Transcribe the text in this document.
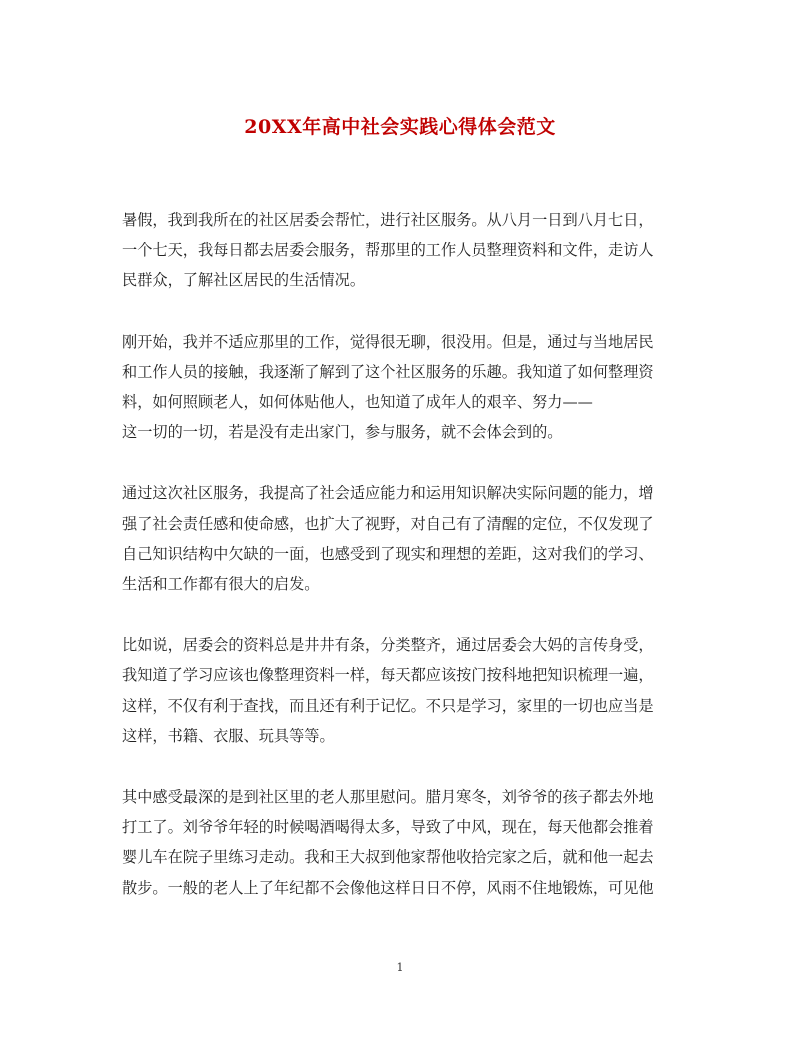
20XX年高中社会实践心得体会范文

暑假，我到我所在的社区居委会帮忙，进行社区服务。从八月一日到八月七日，
一个七天，我每日都去居委会服务，帮那里的工作人员整理资料和文件，走访人
民群众，了解社区居民的生活情况。

刚开始，我并不适应那里的工作，觉得很无聊，很没用。但是，通过与当地居民
和工作人员的接触，我逐渐了解到了这个社区服务的乐趣。我知道了如何整理资
料，如何照顾老人，如何体贴他人，也知道了成年人的艰辛、努力——
这一切的一切，若是没有走出家门，参与服务，就不会体会到的。

通过这次社区服务，我提高了社会适应能力和运用知识解决实际问题的能力，增
强了社会责任感和使命感，也扩大了视野，对自己有了清醒的定位，不仅发现了
自己知识结构中欠缺的一面，也感受到了现实和理想的差距，这对我们的学习、
生活和工作都有很大的启发。

比如说，居委会的资料总是井井有条，分类整齐，通过居委会大妈的言传身受，
我知道了学习应该也像整理资料一样，每天都应该按门按科地把知识梳理一遍，
这样，不仅有利于查找，而且还有利于记忆。不只是学习，家里的一切也应当是
这样，书籍、衣服、玩具等等。

其中感受最深的是到社区里的老人那里慰问。腊月寒冬，刘爷爷的孩子都去外地
打工了。刘爷爷年轻的时候喝酒喝得太多，导致了中风，现在，每天他都会推着
婴儿车在院子里练习走动。我和王大叔到他家帮他收拾完家之后，就和他一起去
散步。一般的老人上了年纪都不会像他这样日日不停，风雨不住地锻炼，可见他

1
